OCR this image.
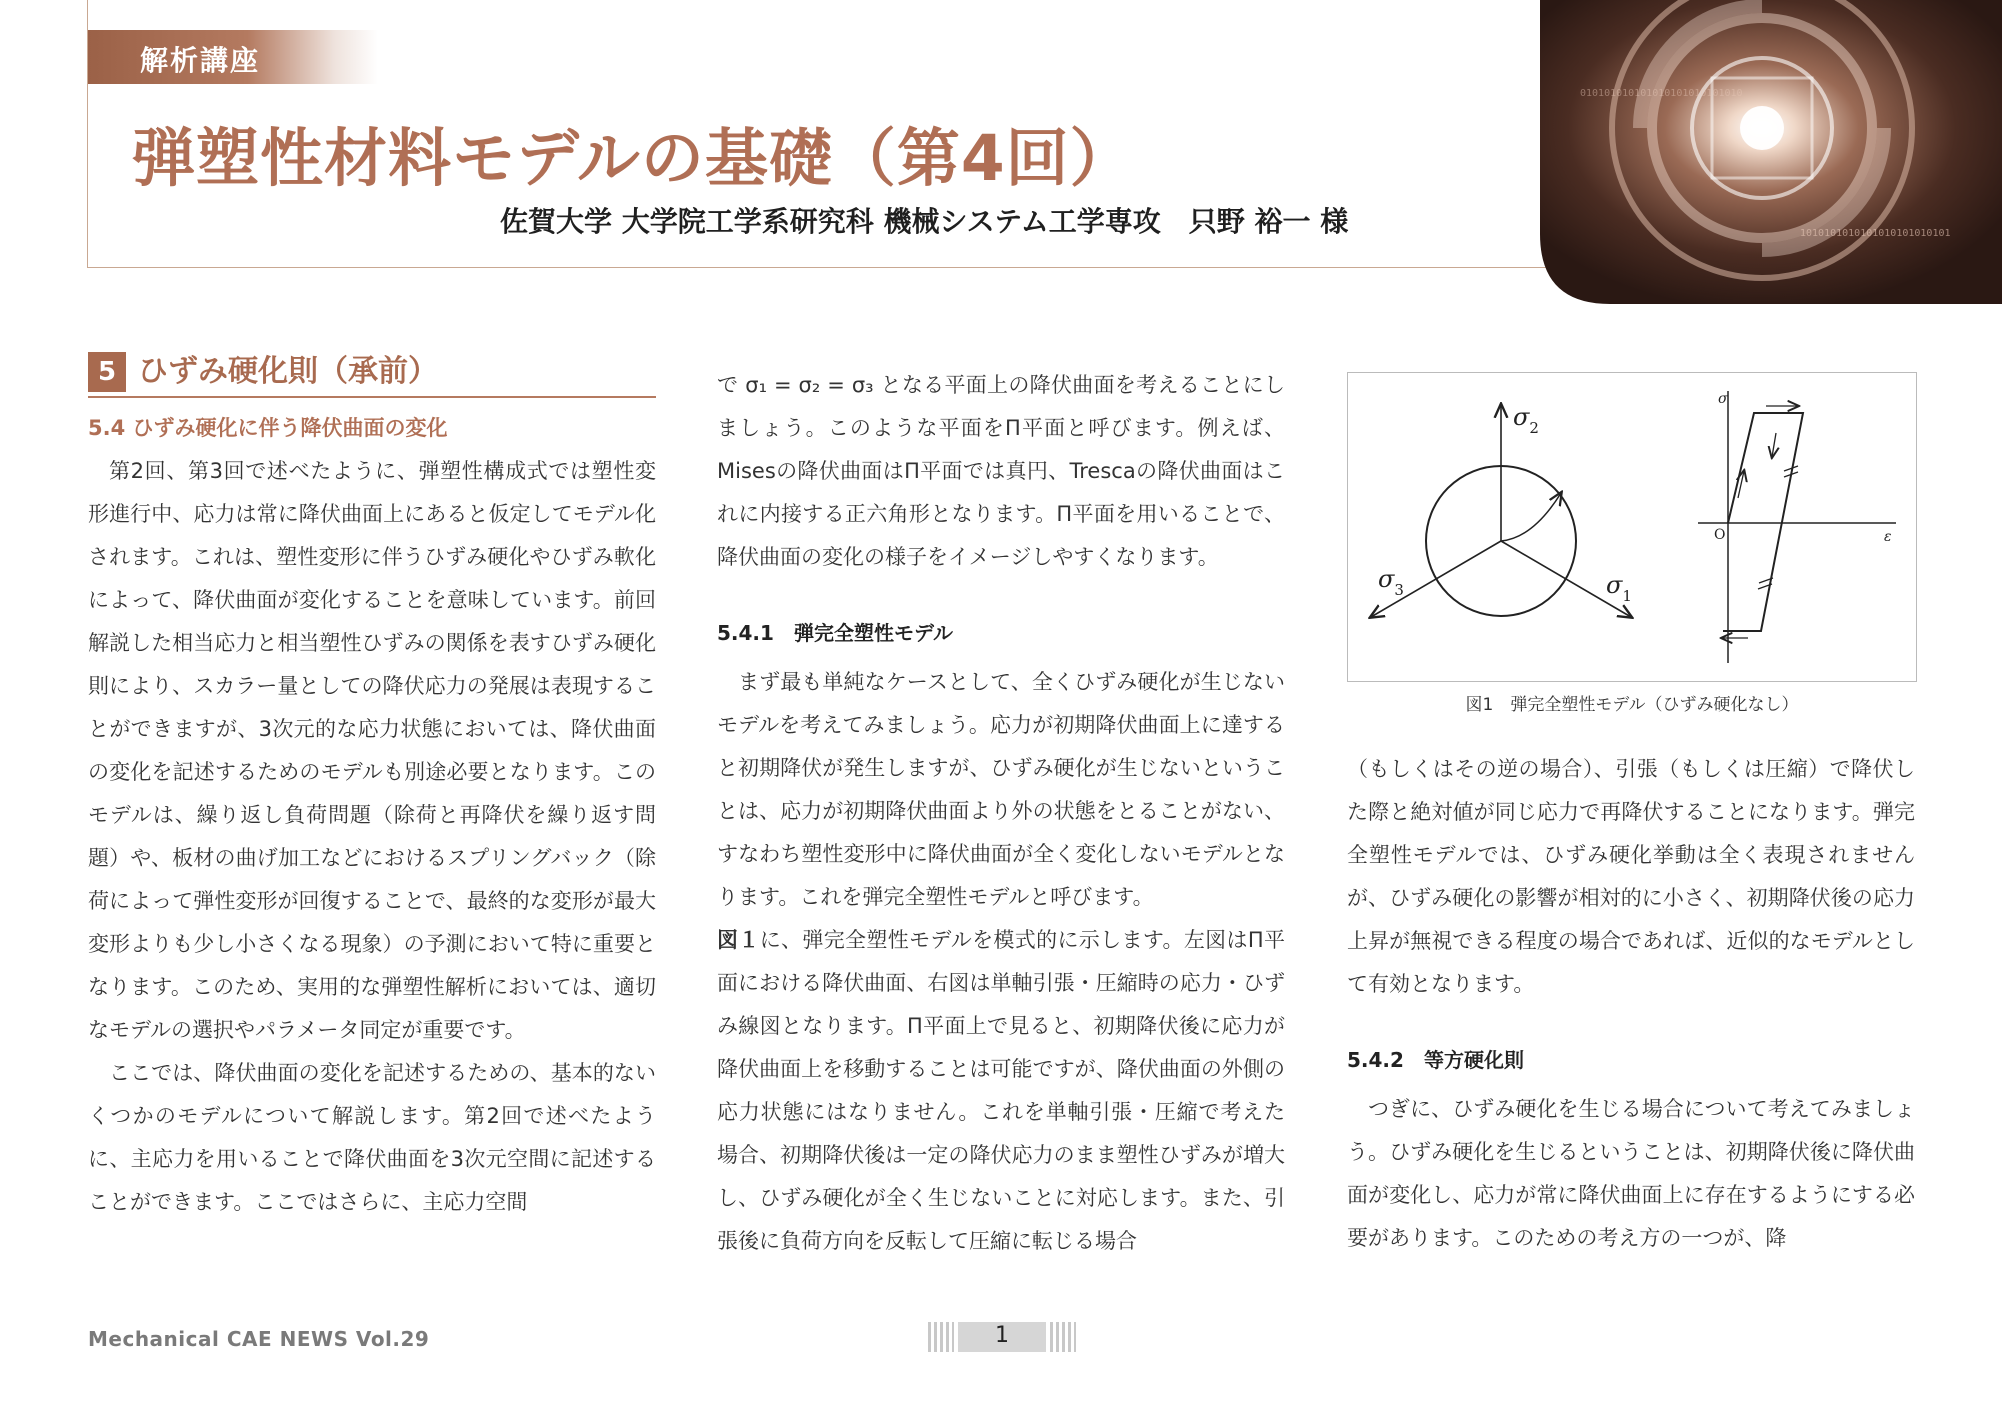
解析講座
弾塑性材料モデルの基礎（第4回）
佐賀大学 大学院工学系研究科 機械システム工学専攻　只野 裕一 様	1010101010101010101010101
010101010101010101010101010
5 ひずみ硬化則（承前）
5.4 ひずみ硬化に伴う降伏曲面の変化

第2回、第3回で述べたように、弾塑性構成式では塑性変形進行中、応力は常に降伏曲面上にあると仮定してモデル化されます。これは、塑性変形に伴うひずみ硬化やひずみ軟化によって、降伏曲面が変化することを意味しています。前回解説した相当応力と相当塑性ひずみの関係を表すひずみ硬化則により、スカラー量としての降伏応力の発展は表現することができますが、3次元的な応力状態においては、降伏曲面の変化を記述するためのモデルも別途必要となります。このモデルは、繰り返し負荷問題（除荷と再降伏を繰り返す問題）や、板材の曲げ加工などにおけるスプリングバック（除荷によって弾性変形が回復することで、最終的な変形が最大変形よりも少し小さくなる現象）の予測において特に重要となります。このため、実用的な弾塑性解析においては、適切なモデルの選択やパラメータ同定が重要です。

ここでは、降伏曲面の変化を記述するための、基本的ないくつかのモデルについて解説します。第2回で述べたように、主応力を用いることで降伏曲面を3次元空間に記述することができます。ここではさらに、主応力空間

で σ₁ = σ₂ = σ₃ となる平面上の降伏曲面を考えることにしましょう。このような平面をΠ平面と呼びます。例えば、Misesの降伏曲面はΠ平面では真円、Trescaの降伏曲面はこれに内接する正六角形となります。Π平面を用いることで、降伏曲面の変化の様子をイメージしやすくなります。

5.4.1　弾完全塑性モデル

まず最も単純なケースとして、全くひずみ硬化が生じないモデルを考えてみましょう。応力が初期降伏曲面上に達すると初期降伏が発生しますが、ひずみ硬化が生じないということは、応力が初期降伏曲面より外の状態をとることがない、すなわち塑性変形中に降伏曲面が全く変化しないモデルとなります。これを弾完全塑性モデルと呼びます。

図１に、弾完全塑性モデルを模式的に示します。左図はΠ平面における降伏曲面、右図は単軸引張・圧縮時の応力・ひずみ線図となります。Π平面上で見ると、初期降伏後に応力が降伏曲面上を移動することは可能ですが、降伏曲面の外側の応力状態にはなりません。これを単軸引張・圧縮で考えた場合、初期降伏後は一定の降伏応力のまま塑性ひずみが増大し、ひずみ硬化が全く生じないことに対応します。また、引張後に負荷方向を反転して圧縮に転じる場合

$\sigma_2$
$\sigma_1$
$\sigma_3$
σ
ε
O
図1　弾完全塑性モデル（ひずみ硬化なし）

（もしくはその逆の場合）、引張（もしくは圧縮）で降伏した際と絶対値が同じ応力で再降伏することになります。弾完全塑性モデルでは、ひずみ硬化挙動は全く表現されませんが、ひずみ硬化の影響が相対的に小さく、初期降伏後の応力上昇が無視できる程度の場合であれば、近似的なモデルとして有効となります。

5.4.2　等方硬化則

つぎに、ひずみ硬化を生じる場合について考えてみましょう。ひずみ硬化を生じるということは、初期降伏後に降伏曲面が変化し、応力が常に降伏曲面上に存在するようにする必要があります。このための考え方の一つが、降

Mechanical CAE NEWS Vol.29	1
